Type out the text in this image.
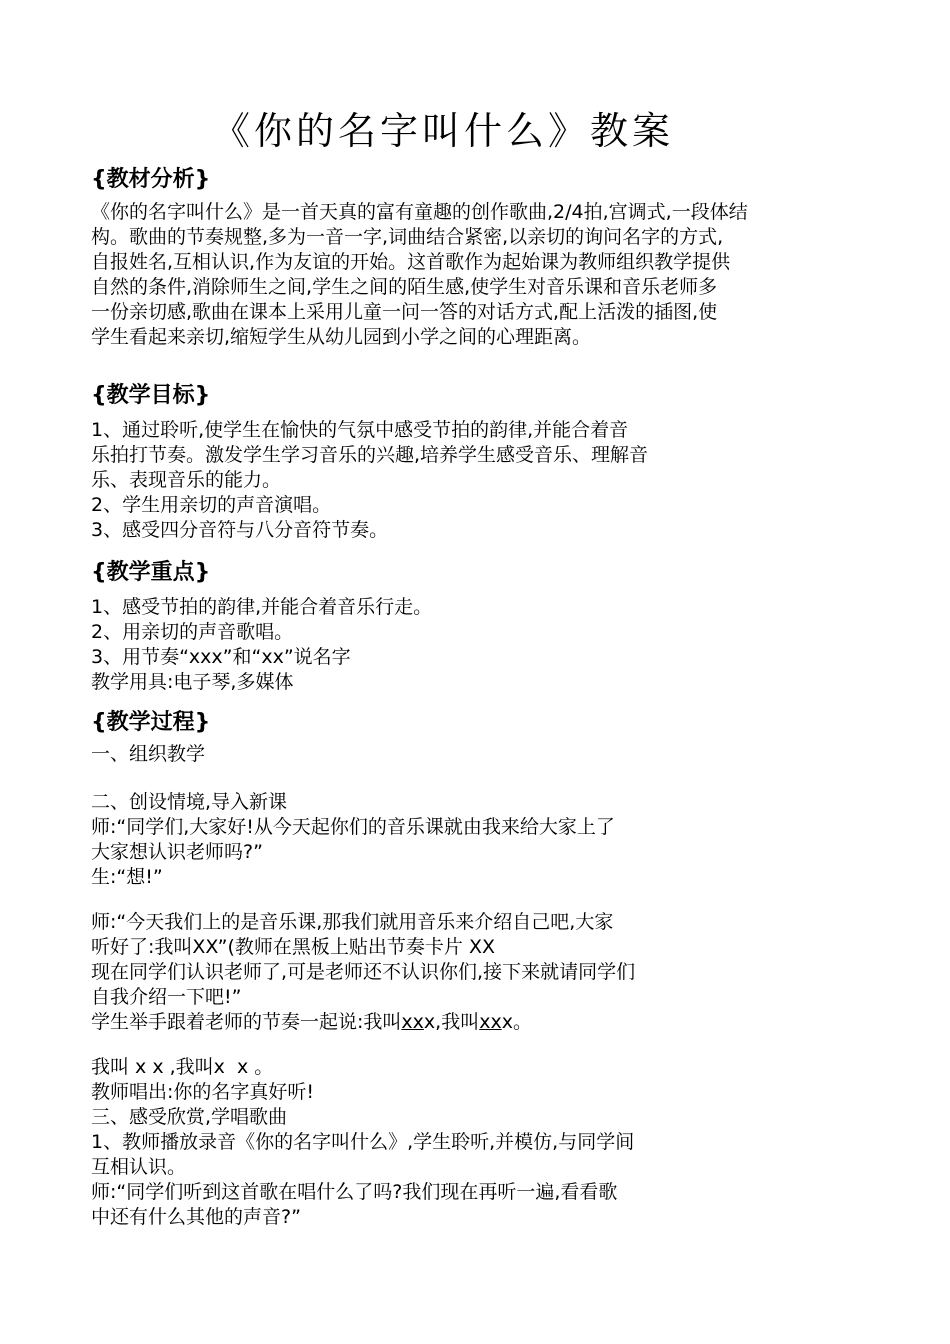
《你的名字叫什么》教案
{教材分析}
《你的名字叫什么》是一首天真的富有童趣的创作歌曲,2/4拍,宫调式,一段体结
构。歌曲的节奏规整,多为一音一字,词曲结合紧密,以亲切的询问名字的方式,
自报姓名,互相认识,作为友谊的开始。这首歌作为起始课为教师组织教学提供
自然的条件,消除师生之间,学生之间的陌生感,使学生对音乐课和音乐老师多
一份亲切感,歌曲在课本上采用儿童一问一答的对话方式,配上活泼的插图,使
学生看起来亲切,缩短学生从幼儿园到小学之间的心理距离。
{教学目标}
1、通过聆听,使学生在愉快的气氛中感受节拍的韵律,并能合着音
乐拍打节奏。激发学生学习音乐的兴趣,培养学生感受音乐、理解音
乐、表现音乐的能力。
2、学生用亲切的声音演唱。
3、感受四分音符与八分音符节奏。
{教学重点}
1、感受节拍的韵律,并能合着音乐行走。
2、用亲切的声音歌唱。
3、用节奏“xxx”和“xx”说名字
教学用具:电子琴,多媒体
{教学过程}
一、组织教学
二、创设情境,导入新课
师:“同学们,大家好!从今天起你们的音乐课就由我来给大家上了
大家想认识老师吗?”
生:“想!”
师:“今天我们上的是音乐课,那我们就用音乐来介绍自己吧,大家
听好了:我叫XX”(教师在黑板上贴出节奏卡片 XX
现在同学们认识老师了,可是老师还不认识你们,接下来就请同学们
自我介绍一下吧!”
学生举手跟着老师的节奏一起说:我叫xxx,我叫xxx。
我叫 x x ,我叫x  x 。
教师唱出:你的名字真好听!
三、感受欣赏,学唱歌曲
1、教师播放录音《你的名字叫什么》,学生聆听,并模仿,与同学间
互相认识。
师:“同学们听到这首歌在唱什么了吗?我们现在再听一遍,看看歌
中还有什么其他的声音?”
